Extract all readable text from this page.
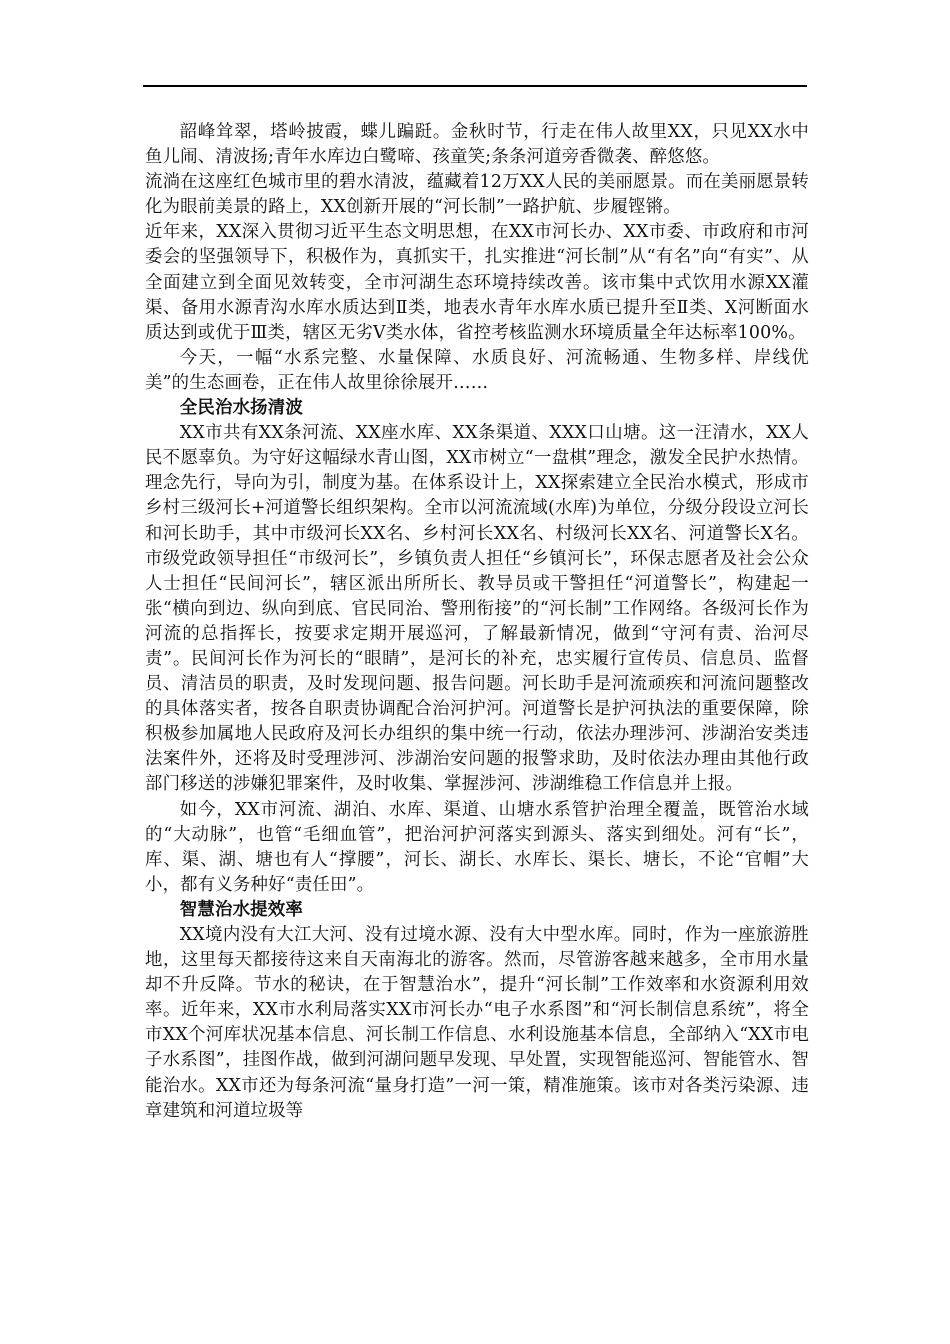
韶峰耸翠，塔岭披霞，蝶儿蹁跹。金秋时节，行走在伟人故里XX，只见XX水中鱼儿闹、清波扬;青年水库边白鹭啼、孩童笑;条条河道旁香微袭、醉悠悠。

流淌在这座红色城市里的碧水清波，蕴藏着12万XX人民的美丽愿景。而在美丽愿景转化为眼前美景的路上，XX创新开展的“河长制”一路护航、步履铿锵。

近年来，XX深入贯彻习近平生态文明思想，在XX市河长办、XX市委、市政府和市河委会的坚强领导下，积极作为，真抓实干，扎实推进“河长制”从“有名”向“有实”、从全面建立到全面见效转变，全市河湖生态环境持续改善。该市集中式饮用水源XX灌渠、备用水源青沟水库水质达到Ⅱ类，地表水青年水库水质已提升至Ⅱ类、X河断面水质达到或优于Ⅲ类，辖区无劣Ⅴ类水体，省控考核监测水环境质量全年达标率100%。

今天，一幅“水系完整、水量保障、水质良好、河流畅通、生物多样、岸线优美”的生态画卷，正在伟人故里徐徐展开……

全民治水扬清波

XX市共有XX条河流、XX座水库、XX条渠道、XXX口山塘。这一汪清水，XX人民不愿辜负。为守好这幅绿水青山图，XX市树立“一盘棋”理念，激发全民护水热情。理念先行，导向为引，制度为基。在体系设计上，XX探索建立全民治水模式，形成市乡村三级河长+河道警长组织架构。全市以河流流域(水库)为单位，分级分段设立河长和河长助手，其中市级河长XX名、乡村河长XX名、村级河长XX名、河道警长X名。市级党政领导担任“市级河长”，乡镇负责人担任“乡镇河长”，环保志愿者及社会公众人士担任“民间河长”，辖区派出所所长、教导员或干警担任“河道警长”，构建起一张“横向到边、纵向到底、官民同治、警刑衔接”的“河长制”工作网络。各级河长作为河流的总指挥长，按要求定期开展巡河，了解最新情况，做到“守河有责、治河尽责”。民间河长作为河长的“眼睛”，是河长的补充，忠实履行宣传员、信息员、监督员、清洁员的职责，及时发现问题、报告问题。河长助手是河流顽疾和河流问题整改的具体落实者，按各自职责协调配合治河护河。河道警长是护河执法的重要保障，除积极参加属地人民政府及河长办组织的集中统一行动，依法办理涉河、涉湖治安类违法案件外，还将及时受理涉河、涉湖治安问题的报警求助，及时依法办理由其他行政部门移送的涉嫌犯罪案件，及时收集、掌握涉河、涉湖维稳工作信息并上报。

如今，XX市河流、湖泊、水库、渠道、山塘水系管护治理全覆盖，既管治水域的“大动脉”，也管“毛细血管”，把治河护河落实到源头、落实到细处。河有“长”，库、渠、湖、塘也有人“撑腰”，河长、湖长、水库长、渠长、塘长，不论“官帽”大小，都有义务种好“责任田”。

智慧治水提效率

XX境内没有大江大河、没有过境水源、没有大中型水库。同时，作为一座旅游胜地，这里每天都接待这来自天南海北的游客。然而，尽管游客越来越多，全市用水量却不升反降。节水的秘诀，在于智慧治水”，提升“河长制”工作效率和水资源利用效率。近年来，XX市水利局落实XX市河长办“电子水系图”和“河长制信息系统”，将全市XX个河库状况基本信息、河长制工作信息、水利设施基本信息，全部纳入“XX市电子水系图”，挂图作战，做到河湖问题早发现、早处置，实现智能巡河、智能管水、智能治水。XX市还为每条河流“量身打造”一河一策，精准施策。该市对各类污染源、违章建筑和河道垃圾等
